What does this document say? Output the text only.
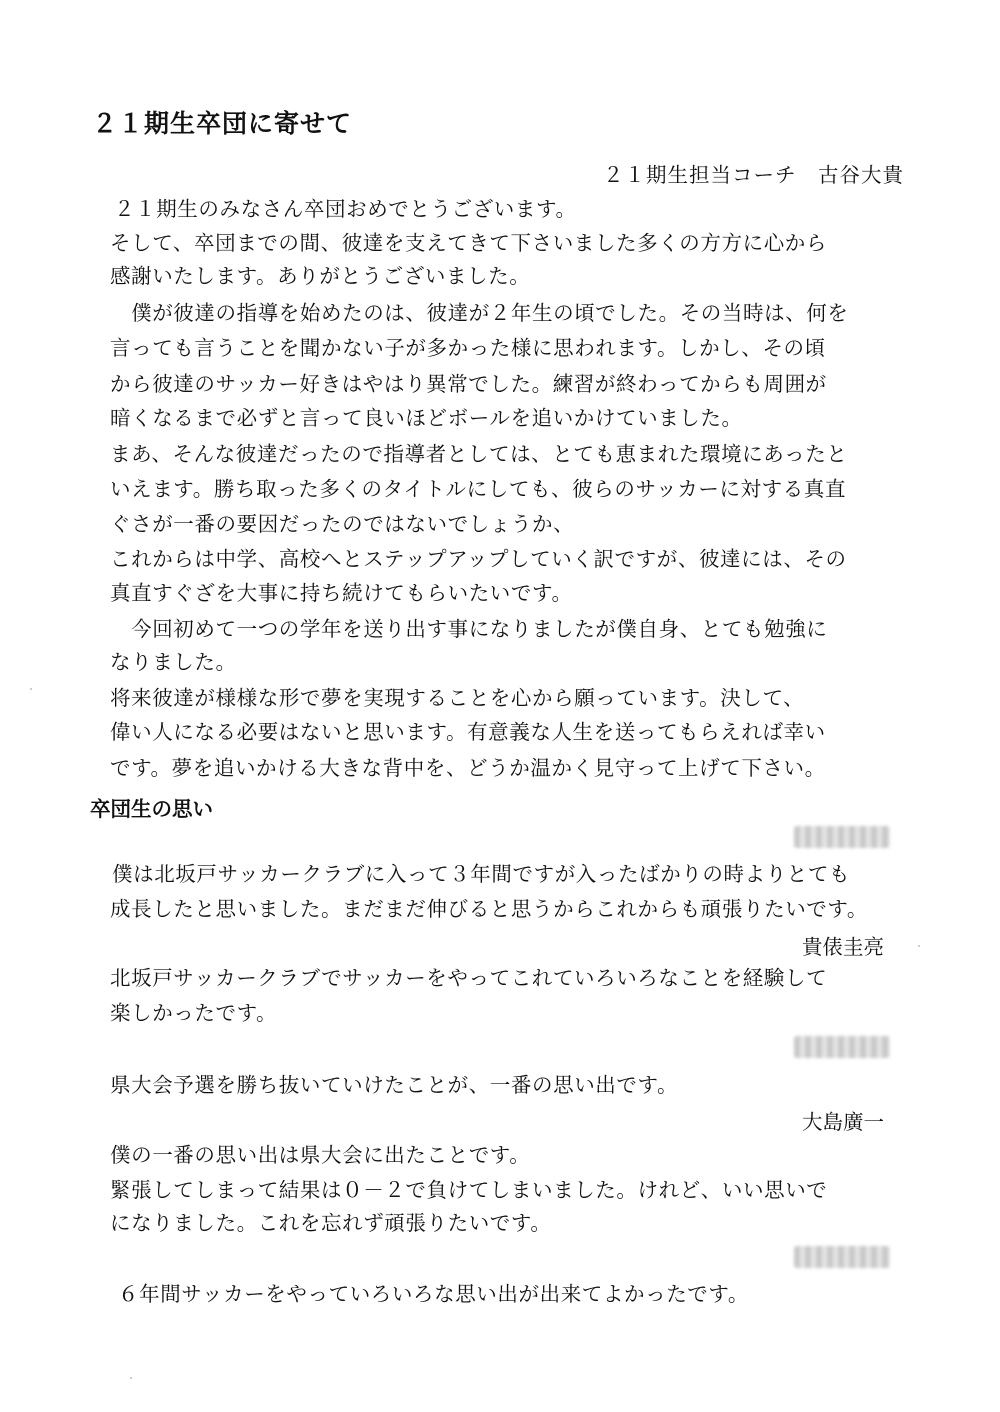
２１期生卒団に寄せて
２１期生担当コーチ　古谷大貴
２１期生のみなさん卒団おめでとうございます。
そして、卒団までの間、彼達を支えてきて下さいました多くの方方に心から
感謝いたします。ありがとうございました。
　僕が彼達の指導を始めたのは、彼達が２年生の頃でした。その当時は、何を
言っても言うことを聞かない子が多かった様に思われます。しかし、その頃
から彼達のサッカー好きはやはり異常でした。練習が終わってからも周囲が
暗くなるまで必ずと言って良いほどボールを追いかけていました。
まあ、そんな彼達だったので指導者としては、とても恵まれた環境にあったと
いえます。勝ち取った多くのタイトルにしても、彼らのサッカーに対する真直
ぐさが一番の要因だったのではないでしょうか、
これからは中学、高校へとステップアップしていく訳ですが、彼達には、その
真直すぐざを大事に持ち続けてもらいたいです。
　今回初めて一つの学年を送り出す事になりましたが僕自身、とても勉強に
なりました。
将来彼達が様様な形で夢を実現することを心から願っています。決して、
偉い人になる必要はないと思います。有意義な人生を送ってもらえれば幸い
です。夢を追いかける大きな背中を、どうか温かく見守って上げて下さい。
卒団生の思い
僕は北坂戸サッカークラブに入って３年間ですが入ったばかりの時よりとても
成長したと思いました。まだまだ伸びると思うからこれからも頑張りたいです。
貴俵圭亮
北坂戸サッカークラブでサッカーをやってこれていろいろなことを経験して
楽しかったです。
県大会予選を勝ち抜いていけたことが、一番の思い出です。
大島廣一
僕の一番の思い出は県大会に出たことです。
緊張してしまって結果は０－２で負けてしまいました。けれど、いい思いで
になりました。これを忘れず頑張りたいです。
６年間サッカーをやっていろいろな思い出が出来てよかったです。
